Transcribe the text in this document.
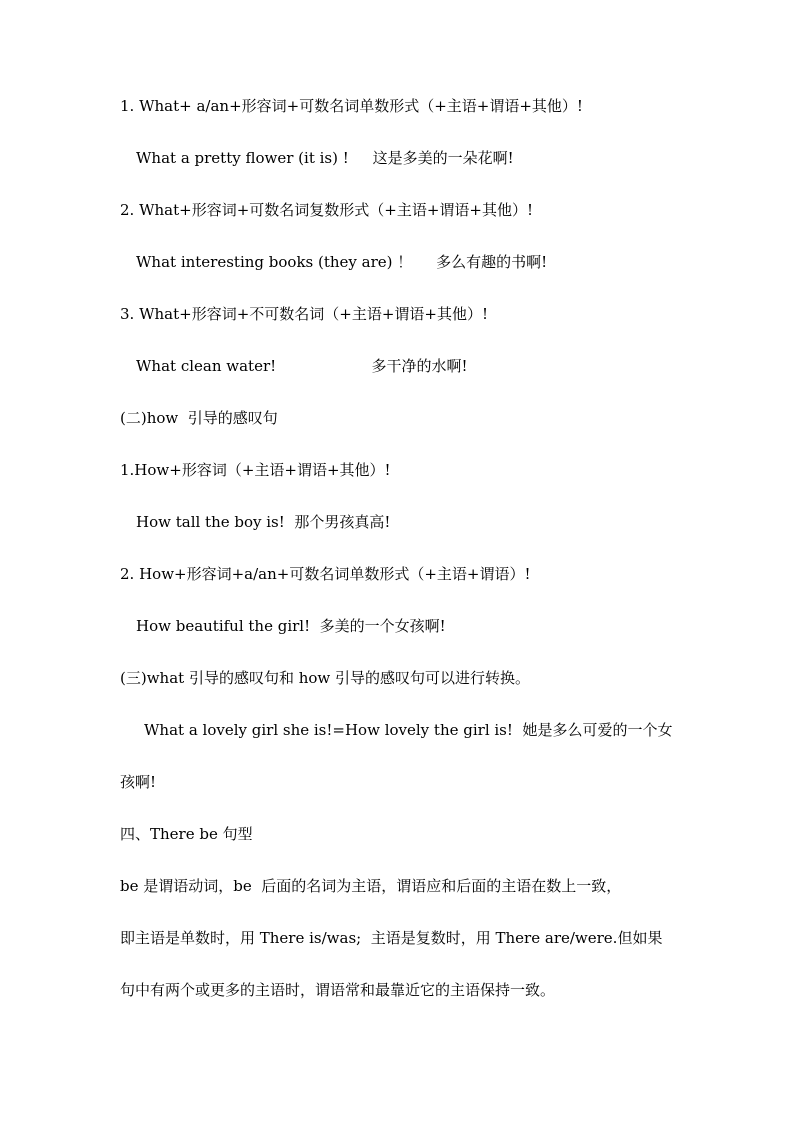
1. What+ a/an+形容词+可数名词单数形式（+主语+谓语+其他）!
What a pretty flower (it is) !     这是多美的一朵花啊!
2. What+形容词+可数名词复数形式（+主语+谓语+其他）!
What interesting books (they are) ！     多么有趣的书啊!
3. What+形容词+不可数名词（+主语+谓语+其他）!
What clean water!                    多干净的水啊!
(二)how  引导的感叹句
1.How+形容词（+主语+谓语+其他）!
How tall the boy is!  那个男孩真高!
2. How+形容词+a/an+可数名词单数形式（+主语+谓语）!
How beautiful the girl!  多美的一个女孩啊!
(三)what 引导的感叹句和 how 引导的感叹句可以进行转换。
What a lovely girl she is!=How lovely the girl is!  她是多么可爱的一个女
孩啊!
四、There be 句型
be 是谓语动词，be  后面的名词为主语，谓语应和后面的主语在数上一致，
即主语是单数时，用 There is/was;  主语是复数时，用 There are/were.但如果
句中有两个或更多的主语时，谓语常和最靠近它的主语保持一致。
